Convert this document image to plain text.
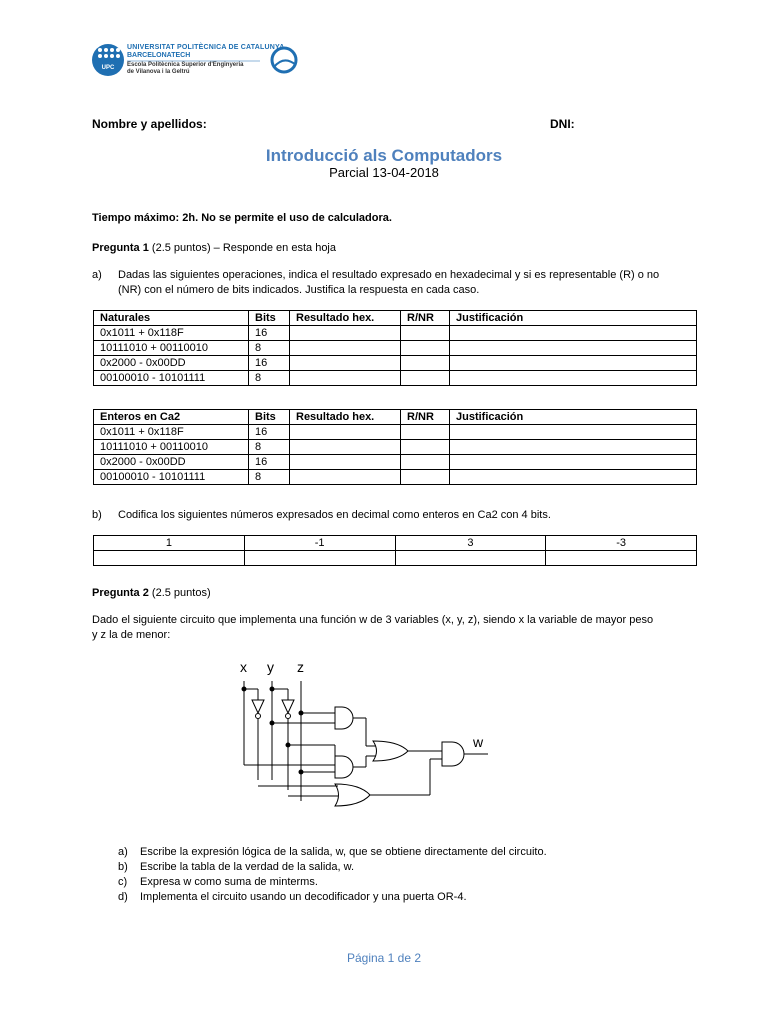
UPC
UNIVERSITAT POLITÈCNICA DE CATALUNYA
BARCELONATECH
Escola Politècnica Superior d'Enginyeria
de Vilanova i la Geltrú
Nombre y apellidos:	DNI:
Introducció als Computadors
Parcial 13-04-2018
Tiempo máximo: 2h. No se permite el uso de calculadora.
Pregunta 1 (2.5 puntos) – Responde en esta hoja
a) Dadas las siguientes operaciones, indica el resultado expresado en hexadecimal y si es representable (R) o no
(NR) con el número de bits indicados. Justifica la respuesta en cada caso.
Naturales	Bits	Resultado hex.	R/NR	Justificación
0x1011 + 0x118F	16			
10111010 + 00110010	8			
0x2000 - 0x00DD	16			
00100010 - 10101111	8			
Enteros en Ca2	Bits	Resultado hex.	R/NR	Justificación
0x1011 + 0x118F	16			
10111010 + 00110010	8			
0x2000 - 0x00DD	16			
00100010 - 10101111	8			
b) Codifica los siguientes números expresados en decimal como enteros en Ca2 con 4 bits.
1	-1	3	-3

Pregunta 2 (2.5 puntos)
Dado el siguiente circuito que implementa una función w de 3 variables (x, y, z), siendo x la variable de mayor peso
y z la de menor:
x y z
w
a) Escribe la expresión lógica de la salida, w, que se obtiene directamente del circuito.
b) Escribe la tabla de la verdad de la salida, w.
c) Expresa w como suma de minterms.
d) Implementa el circuito usando un decodificador y una puerta OR-4.
Página 1 de 2
